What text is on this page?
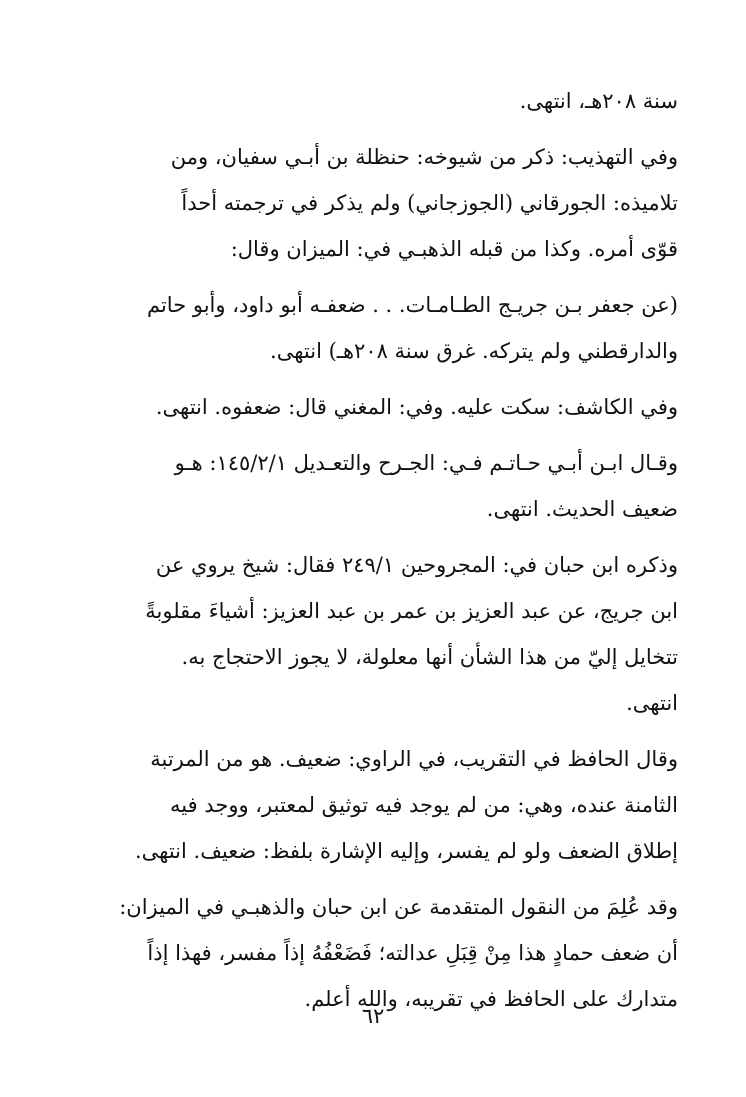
سنة ٢٠٨هـ، انتهى.

وفي التهذيب: ذكر من شيوخه: حنظلة بن أبـي سفيان، ومن
تلاميذه: الجورقاني (الجوزجاني) ولم يذكر في ترجمته أحداً
قوّى أمره. وكذا من قبله الذهبـي في: الميزان وقال:

(عن جعفر بـن جريـج الطـامـات. . . ضعفـه أبو داود، وأبو حاتم
والدارقطني ولم يتركه. غرق سنة ٢٠٨هـ) انتهى.

وفي الكاشف: سكت عليه. وفي: المغني قال: ضعفوه. انتهى.

وقـال ابـن أبـي حـاتـم فـي: الجـرح والتعـديل ١٤٥/٢/١: هـو
ضعيف الحديث. انتهى.

وذكره ابن حبان في: المجروحين ٢٤٩/١ فقال: شيخ يروي عن
ابن جريج، عن عبد العزيز بن عمر بن عبد العزيز: أشياءَ مقلوبةً
تتخايل إليّ من هذا الشأن أنها معلولة، لا يجوز الاحتجاج به.
انتهى.

وقال الحافظ في التقريب، في الراوي: ضعيف. هو من المرتبة
الثامنة عنده، وهي: من لم يوجد فيه توثيق لمعتبر، ووجد فيه
إطلاق الضعف ولو لم يفسر، وإليه الإشارة بلفظ: ضعيف. انتهى.

وقد عُلِمَ من النقول المتقدمة عن ابن حبان والذهبـي في الميزان:
أن ضعف حمادٍ هذا مِنْ قِبَلِ عدالته؛ فَضَعْفُهُ إذاً مفسر، فهذا إذاً
متدارك على الحافظ في تقريبه، والله أعلم.

٦٢
